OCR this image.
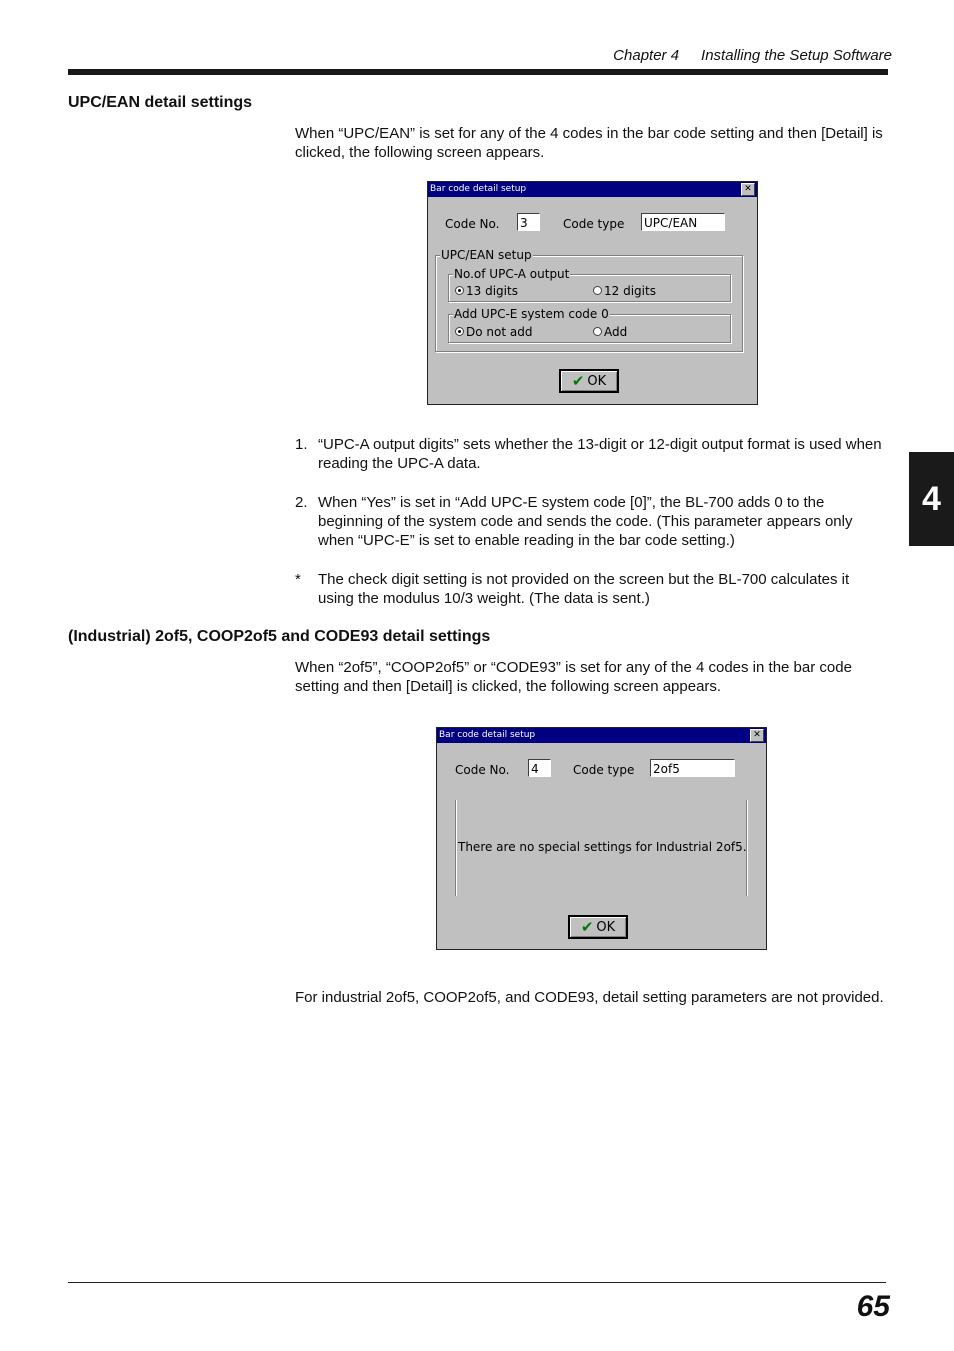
Chapter 4 Installing the Setup Software
UPC/EAN detail settings
When “UPC/EAN” is set for any of the 4 codes in the bar code setting and then [Detail] is clicked, the following screen appears.
Bar code detail setup	✕
Code No. 3	Code type UPC/EAN
UPC/EAN setup
No.of UPC-A output
13 digits	12 digits
Add UPC-E system code 0
Do not add	Add
✔ OK
1. “UPC-A output digits” sets whether the 13-digit or 12-digit output format is used when reading the UPC-A data.
2. When “Yes” is set in “Add UPC-E system code [0]”, the BL-700 adds 0 to the beginning of the system code and sends the code. (This parameter appears only when “UPC-E” is set to enable reading in the bar code setting.)
* The check digit setting is not provided on the screen but the BL-700 calculates it using the modulus 10/3 weight. (The data is sent.)
(Industrial) 2of5, COOP2of5 and CODE93 detail settings
When “2of5”, “COOP2of5” or “CODE93” is set for any of the 4 codes in the bar code setting and then [Detail] is clicked, the following screen appears.
Bar code detail setup	✕
Code No. 4	Code type 2of5
There are no special settings for Industrial 2of5.
✔ OK
For industrial 2of5, COOP2of5, and CODE93, detail setting parameters are not provided.
4
65
